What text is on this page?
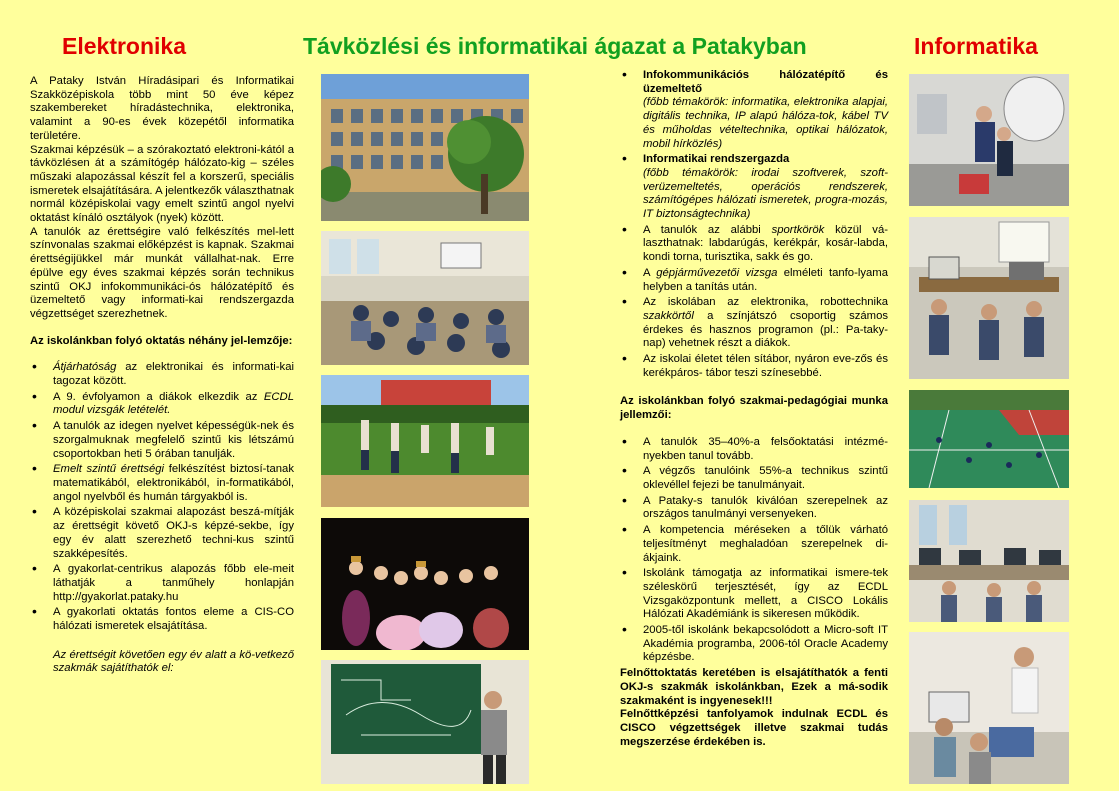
Elektronika	Távközlési és informatikai ágazat a Patakyban	Informatika

A Pataky István Híradásipari és Informatikai Szakközépiskola több mint 50 éve képez szakembereket híradástechnika, elektronika, valamint a 90-es évek közepétől informatika területére.

Szakmai képzésük – a szórakoztató elektroni-kától a távközlésen át a számítógép hálózato-kig – széles műszaki alapozással készít fel a korszerű, speciális ismeretek elsajátítására. A jelentkezők választhatnak normál középiskolai vagy emelt szintű angol nyelvi oktatást kínáló osztályok (nyek) között.

A tanulók az érettségire való felkészítés mel-lett színvonalas szakmai előképzést is kapnak. Szakmai érettségijükkel már munkát vállalhat-nak. Erre épülve egy éves szakmai képzés során technikus szintű OKJ infokommunikáci-ós hálózatépítő és üzemeltető vagy informati-kai rendszergazda végzettséget szerezhetnek.

Az iskolánkban folyó oktatás néhány jel-lemzője:

• Átjárhatóság az elektronikai és informati-kai tagozat között.
• A 9. évfolyamon a diákok elkezdik az ECDL modul vizsgák letételét.
• A tanulók az idegen nyelvet képességük-nek és szorgalmuknak megfelelő szintű kis létszámú csoportokban heti 5 órában tanulják.
• Emelt szintű érettségi felkészítést biztosí-tanak matematikából, elektronikából, in-formatikából, angol nyelvből és humán tárgyakból is.
• A középiskolai szakmai alapozást beszá-mítják az érettségit követő OKJ-s képzé-sekbe, így egy év alatt szerezhető techni-kus szintű szakképesítés.
• A gyakorlat-centrikus alapozás főbb ele-meit láthatják a tanműhely honlapján http://gyakorlat.pataky.hu
• A gyakorlati oktatás fontos eleme a CIS-CO hálózati ismeretek elsajátítása.

Az érettségit követően egy év alatt a kö-vetkező szakmák sajátíthatók el:

• Infokommunikációs hálózatépítő és üzemeltető
(főbb témakörök: informatika, elektronika alapjai, digitális technika, IP alapú hálóza-tok, kábel TV és műholdas vételtechnika, optikai hálózatok, mobil hírközlés)
• Informatikai rendszergazda
(főbb témakörök: irodai szoftverek, szoft-verüzemeltetés, operációs rendszerek, számítógépes hálózati ismeretek, progra-mozás, IT biztonságtechnika)
• A tanulók az alábbi sportkörök közül vá-laszthatnak: labdarúgás, kerékpár, kosár-labda, kondi torna, turisztika, sakk és go.
• A gépjárművezetői vizsga elméleti tanfo-lyama helyben a tanítás után.
• Az iskolában az elektronika, robottechnika szakkörtől a színjátszó csoportig számos érdekes és hasznos programon (pl.: Pa-taky-nap) vehetnek részt a diákok.
• Az iskolai életet télen sítábor, nyáron eve-zős és kerékpáros- tábor teszi színesebbé.

Az iskolánkban folyó szakmai-pedagógiai munka jellemzői:

• A tanulók 35–40%-a felsőoktatási intézmé-nyekben tanul tovább.
• A végzős tanulóink 55%-a technikus szintű oklevéllel fejezi be tanulmányait.
• A Pataky-s tanulók kiválóan szerepelnek az országos tanulmányi versenyeken.
• A kompetencia méréseken a tőlük várható teljesítményt meghaladóan szerepelnek di-ákjaink.
• Iskolánk támogatja az informatikai ismere-tek széleskörű terjesztését, így az ECDL Vizsgaközpontunk mellett, a CISCO Lokális Hálózati Akadémiánk is sikeresen működik.
• 2005-től iskolánk bekapcsolódott a Micro-soft IT Akadémia programba, 2006-tól Oracle Academy képzésbe.

Felnőttoktatás keretében is elsajátíthatók a fenti OKJ-s szakmák iskolánkban, Ezek a má-sodik szakmaként is ingyenesek!!!

Felnőttképzési tanfolyamok indulnak ECDL és CISCO végzettségek illetve szakmai tudás megszerzése érdekében is.
